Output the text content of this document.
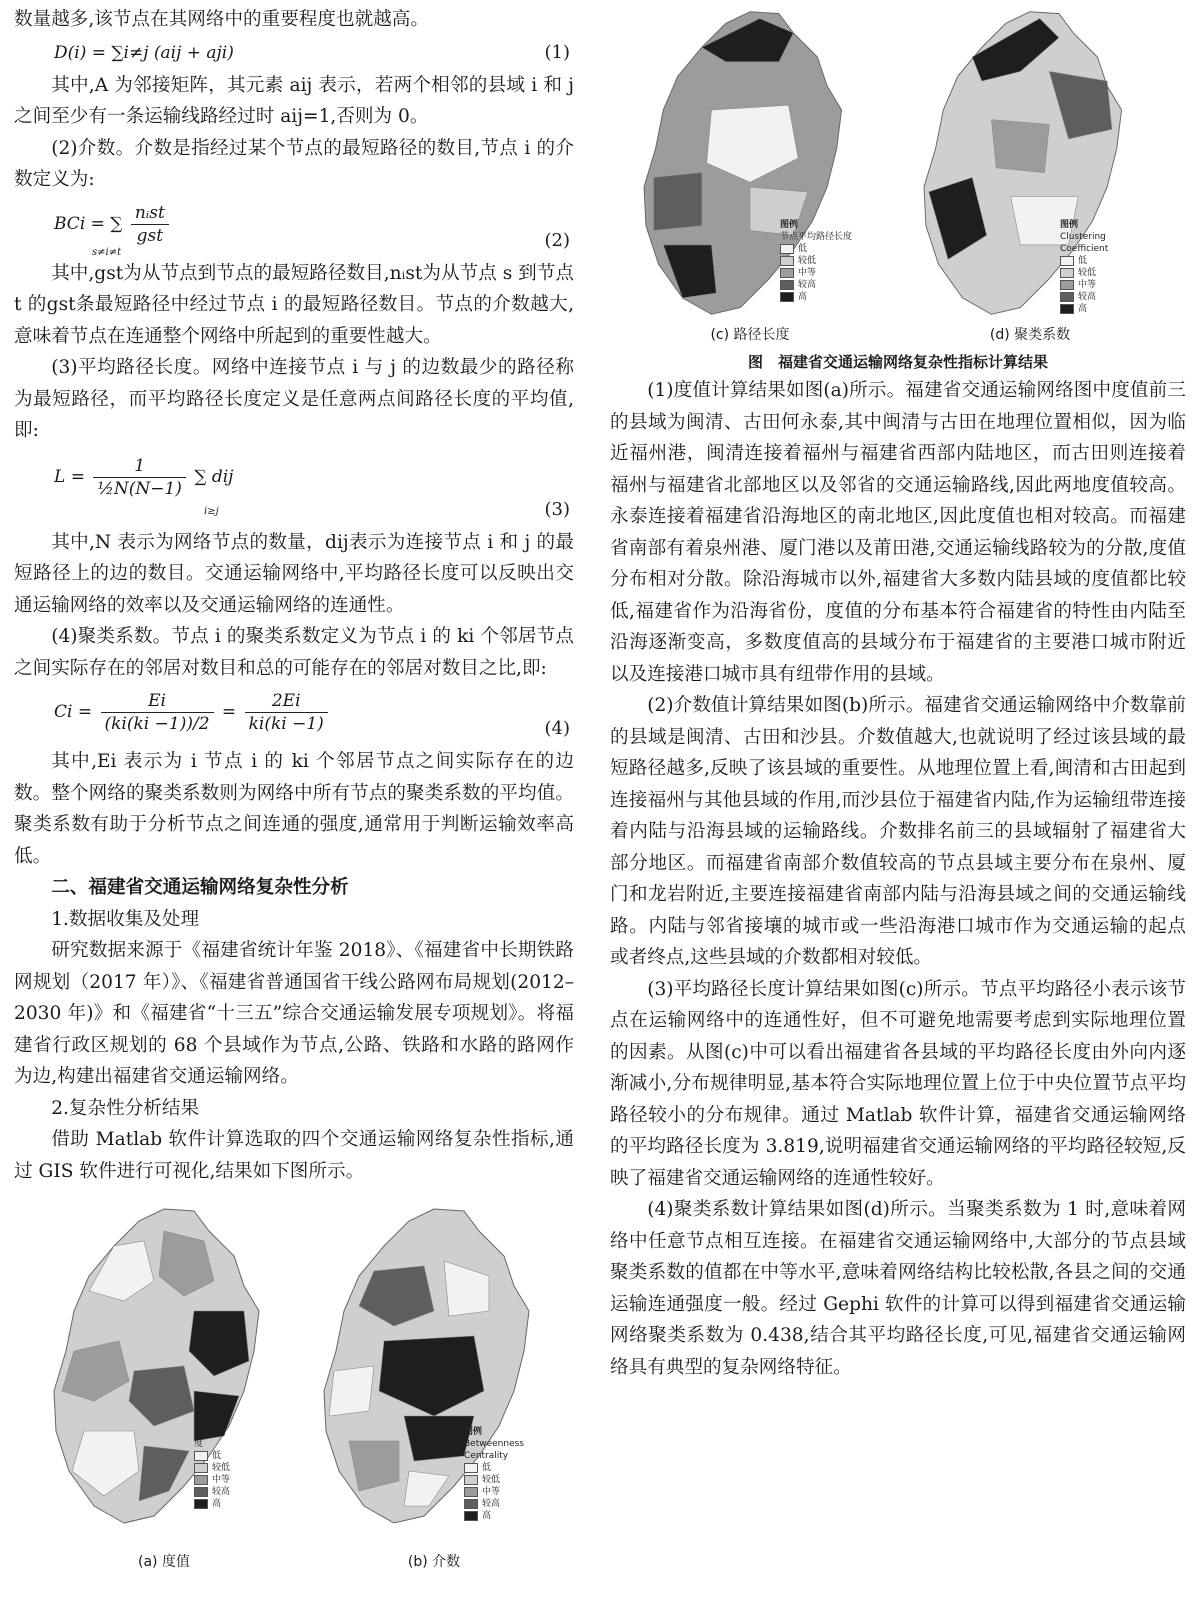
数量越多,该节点在其网络中的重要程度也就越高。

D(i) = ∑i≠j (aij + aji)	(1)

其中,A 为邻接矩阵，其元素 aij 表示，若两个相邻的县域 i 和 j 之间至少有一条运输线路经过时 aij=1,否则为 0。

(2)介数。介数是指经过某个节点的最短路径的数目,节点 i 的介数定义为:

BCi = ∑ $\frac{\text{nᵢst}}{\text{gst}}$
s≠i≠t
(2)

其中,gst为从节点到节点的最短路径数目,nᵢst为从节点 s 到节点 t 的gst条最短路径中经过节点 i 的最短路径数目。节点的介数越大,意味着节点在连通整个网络中所起到的重要性越大。

(3)平均路径长度。网络中连接节点 i 与 j 的边数最少的路径称为最短路径，而平均路径长度定义是任意两点间路径长度的平均值,即:

$L = \frac{1}{\text{½N(N−1)}}$ ∑ dij
i≥j	(3)

其中,N 表示为网络节点的数量，dij表示为连接节点 i 和 j 的最短路径上的边的数目。交通运输网络中,平均路径长度可以反映出交通运输网络的效率以及交通运输网络的连通性。

(4)聚类系数。节点 i 的聚类系数定义为节点 i 的 ki 个邻居节点之间实际存在的邻居对数目和总的可能存在的邻居对数目之比,即:

$Ci = \frac{Ei}{(ki(ki -1))/2} = \frac{2Ei}{ki(ki -1)}$	(4)

其中,Ei 表示为 i 节点 i 的 ki 个邻居节点之间实际存在的边数。整个网络的聚类系数则为网络中所有节点的聚类系数的平均值。聚类系数有助于分析节点之间连通的强度,通常用于判断运输效率高低。

二、福建省交通运输网络复杂性分析

1.数据收集及处理

研究数据来源于《福建省统计年鉴 2018》、《福建省中长期铁路网规划（2017 年）》、《福建省普通国省干线公路网布局规划(2012–2030 年)》和《福建省“十三五”综合交通运输发展专项规划》。将福建省行政区规划的 68 个县域作为节点,公路、铁路和水路的路网作为边,构建出福建省交通运输网络。

2.复杂性分析结果

借助 Matlab 软件计算选取的四个交通运输网络复杂性指标,通过 GIS 软件进行可视化,结果如下图所示。

图例
度
低
较低
中等
较高
高
(a) 度值
图例
Betweenness Centrality
低
较低
中等
较高
高
(b) 介数
图例
节点平均路径长度
低
较低
中等
较高
高
(c) 路径长度
图例
Clustering Coefficient
低
较低
中等
较高
高
(d) 聚类系数
图　福建省交通运输网络复杂性指标计算结果

(1)度值计算结果如图(a)所示。福建省交通运输网络图中度值前三的县域为闽清、古田何永泰,其中闽清与古田在地理位置相似，因为临近福州港，闽清连接着福州与福建省西部内陆地区，而古田则连接着福州与福建省北部地区以及邻省的交通运输路线,因此两地度值较高。永泰连接着福建省沿海地区的南北地区,因此度值也相对较高。而福建省南部有着泉州港、厦门港以及莆田港,交通运输线路较为的分散,度值分布相对分散。除沿海城市以外,福建省大多数内陆县域的度值都比较低,福建省作为沿海省份，度值的分布基本符合福建省的特性由内陆至沿海逐渐变高，多数度值高的县域分布于福建省的主要港口城市附近以及连接港口城市具有纽带作用的县域。

(2)介数值计算结果如图(b)所示。福建省交通运输网络中介数靠前的县域是闽清、古田和沙县。介数值越大,也就说明了经过该县域的最短路径越多,反映了该县域的重要性。从地理位置上看,闽清和古田起到连接福州与其他县域的作用,而沙县位于福建省内陆,作为运输纽带连接着内陆与沿海县域的运输路线。介数排名前三的县域辐射了福建省大部分地区。而福建省南部介数值较高的节点县域主要分布在泉州、厦门和龙岩附近,主要连接福建省南部内陆与沿海县域之间的交通运输线路。内陆与邻省接壤的城市或一些沿海港口城市作为交通运输的起点或者终点,这些县域的介数都相对较低。

(3)平均路径长度计算结果如图(c)所示。节点平均路径小表示该节点在运输网络中的连通性好，但不可避免地需要考虑到实际地理位置的因素。从图(c)中可以看出福建省各县域的平均路径长度由外向内逐渐减小,分布规律明显,基本符合实际地理位置上位于中央位置节点平均路径较小的分布规律。通过 Matlab 软件计算，福建省交通运输网络的平均路径长度为 3.819,说明福建省交通运输网络的平均路径较短,反映了福建省交通运输网络的连通性较好。

(4)聚类系数计算结果如图(d)所示。当聚类系数为 1 时,意味着网络中任意节点相互连接。在福建省交通运输网络中,大部分的节点县域聚类系数的值都在中等水平,意味着网络结构比较松散,各县之间的交通运输连通强度一般。经过 Gephi 软件的计算可以得到福建省交通运输网络聚类系数为 0.438,结合其平均路径长度,可见,福建省交通运输网络具有典型的复杂网络特征。
